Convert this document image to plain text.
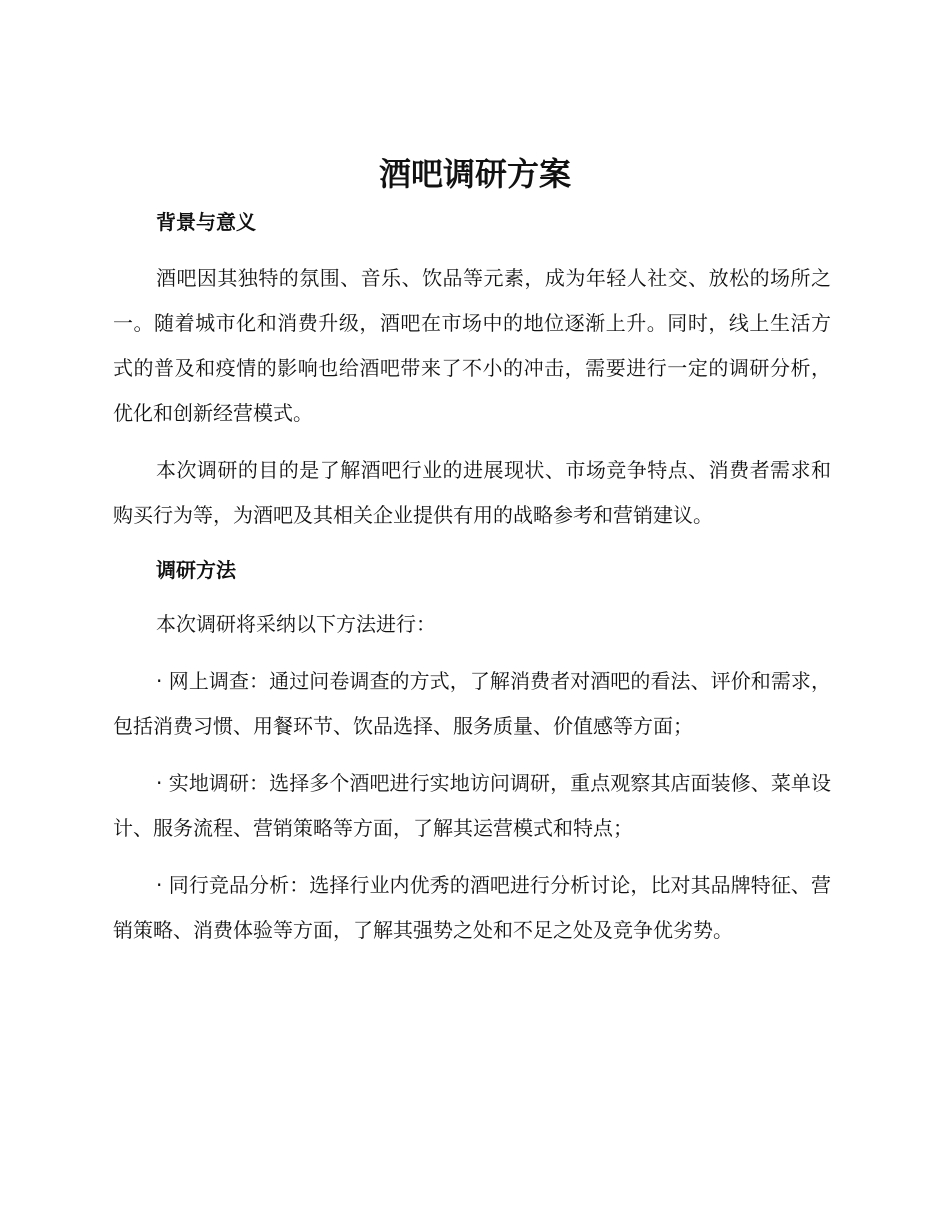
酒吧调研方案
背景与意义

酒吧因其独特的氛围、音乐、饮品等元素，成为年轻人社交、放松的场所之一。随着城市化和消费升级，酒吧在市场中的地位逐渐上升。同时，线上生活方式的普及和疫情的影响也给酒吧带来了不小的冲击，需要进行一定的调研分析，优化和创新经营模式。

本次调研的目的是了解酒吧行业的进展现状、市场竞争特点、消费者需求和购买行为等，为酒吧及其相关企业提供有用的战略参考和营销建议。

调研方法

本次调研将采纳以下方法进行：

· 网上调查：通过问卷调查的方式，了解消费者对酒吧的看法、评价和需求，包括消费习惯、用餐环节、饮品选择、服务质量、价值感等方面；

· 实地调研：选择多个酒吧进行实地访问调研，重点观察其店面装修、菜单设计、服务流程、营销策略等方面，了解其运营模式和特点；

· 同行竞品分析：选择行业内优秀的酒吧进行分析讨论，比对其品牌特征、营销策略、消费体验等方面，了解其强势之处和不足之处及竞争优劣势。
